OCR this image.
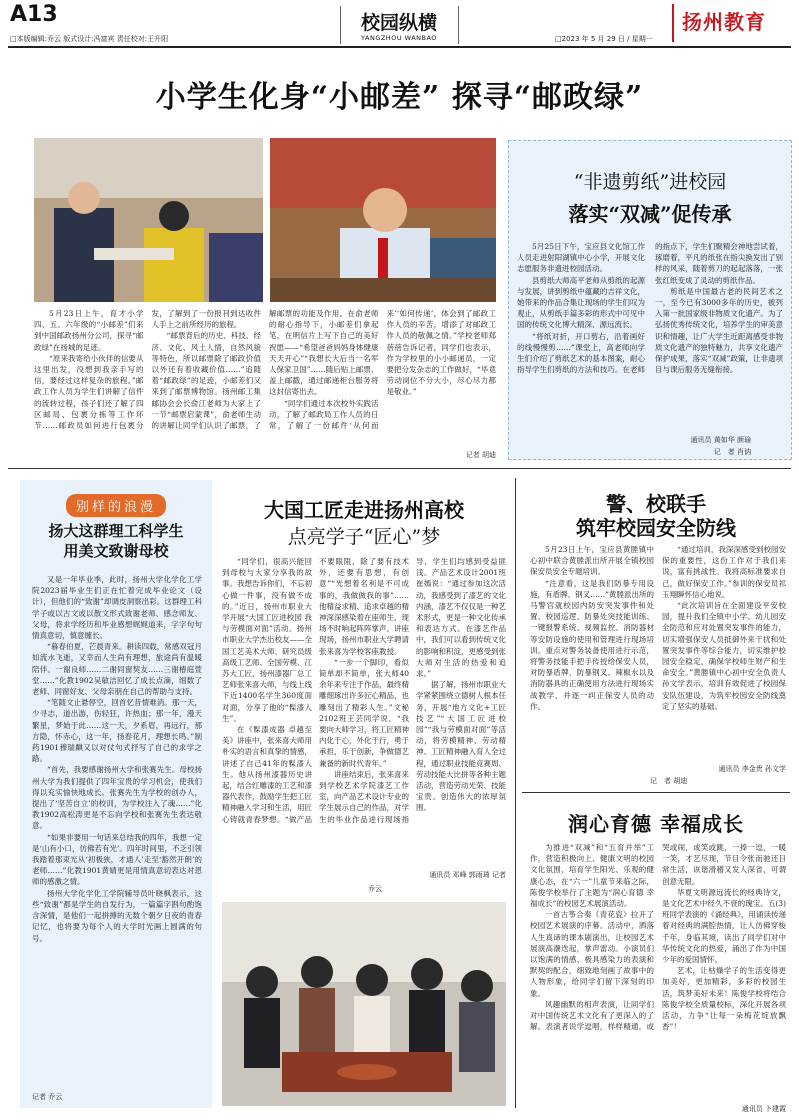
A13
□本版编辑:乔云 版式设计:冯富宾 责任校对:王升阳
校园纵横
YANGZHOU WANBAO	□2023 年 5 月 29 日 / 星期一
扬州教育
小学生化身“小邮差” 探寻“邮政绿”

5月23日上午，育才小学四、五、六年级的“小邮差”们来到中国邮政扬州分公司，探寻“邮政绿”在扬城的足迹。

“原来我寄给小伙伴的信要从这里出发，没想到我亲手写的信，要经过这样复杂的旅程。”邮政工作人员为学生们讲解了信件的流转过程，孩子们还了解了四区邮局、包裹分拣等工作环节……邮政员如何进行包裹分发，了解到了一份报刊到达收件人手上之前所经历的旅程。

“邮票背后的历史、科技、经济、文化、风土人情，自然风貌等特色，所以邮票除了邮政价值以外还有着收藏价值……”追随着“邮政绿”的足迹，小邮差们又来到了邮票博物馆。扬州邮工集邮协会会长俞江老师为大家上了一节“邮票启蒙课”，俞老师生动的讲解让同学们认识了邮票，了解邮票的功能及作用。在俞老师的耐心指导下，小邮差们拿起笔，在明信片上写下自己的美好祝愿——“希望爸爸妈妈身体健康天天开心”“我想长大后当一名军人保家卫国”……随后贴上邮票、盖上邮戳，通过邮递柜台服务将这封信寄出去。

“同学们通过本次校外实践活动，了解了邮政局工作人员的日常，了解了一份邮件‘从何而来’‘如何传递’，体会到了邮政工作人员的辛苦，增添了对邮政工作人员的敬佩之情。”学校老师郑蓓蓓告诉记者，同学们也表示，作为学校里的小小邮递员，一定要把分发杂志的工作做好，“毕竟劳动岗位不分大小，尽心尽力都是敬业。”

记者 胡迪
“非遗剪纸”进校园
落实“双减”促传承

5月25日下午，宝应县文化馆工作人员走进射阳湖镇中心小学，开展文化志愿服务非遗进校园活动。

县剪纸大师高平老师从剪纸的起源与发展，讲到剪纸中蕴藏的吉祥文化，她带来的作品合集让现场的学生们叹为观止，从剪纸手篇多彩的形式中可见中国的传统文化博大精深、源远流长。

“将纸对折，开口剪右，沿着画好的线慢慢剪……”课堂上，高老师向学生们介绍了剪纸艺术的基本图案，耐心指导学生们剪纸的方法和技巧。在老师的指点下，学生们聚精会神地尝试着，琢磨着，平凡的纸张在指尖换发出了别样的风采，随着剪刀的起起落落，一张张红纸变成了灵动的剪纸作品。

剪纸是中国最古老的民间艺术之一，至今已有3000多年的历史，被列入第一批国家级非物质文化遗产。为了弘扬优秀传统文化，培养学生的审美意识和情趣，让广大学生近距离感受非物质文化遗产的独特魅力，共享文化遗产保护成果，落实“双减”政策，让非遗项目与课后服务无缝衔接。

通讯员 黄如华 颜瑜
记　者 肖讷
别样的浪漫
扬大这群理工科学生
用美文致谢母校

又是一年毕业季，此时，扬州大学化学化工学院2023届毕业生们正在忙着完成毕业论文（设计），但他们的“致谢”却调皮洞察出彩。这群理工科学子或以古文或以散文形式致谢老师、感念师友、父母，将求学经历和毕业感想娓娓道来，字字句句情真意切，慎意缠长。

“暮春伯夏，芒晨青来。耕读四载，常感双冠月如流水飞逝，又幸而人生尚有理想，旅途尚有温暖陪伴。一谢良师……二谢同窗契友……三谢椿庭萱堂……”化教1902吴敏洁回忆了成长点滴，细数了老师、同窗好友、父母亲朋在自己的帮助与支持。

“笔随文止悬停空，回首忆昔情难消。那一天，少寻志，道出游，伤轻狂，许热血；那一年，漫天繁星，梦始于此……这一天，夕系眉，再远行，那方隐，怀赤心，这一年，扬春花月，理想长鸣。”制药1901穆瑞麒又以对仗句式抒写了自己的求学之路。

“首先，我要感谢扬州大学和张赛先生。母校扬州大学为我们提供了四年宝贵的学习机会，使我们得以充实愉快地成长。张赛先生为学校的创办人，提出了‘坚苦自立’的校训，为学校注入了魂……”化教1902高松涛更是不忘向学校和张赛先生表达敬意。

“如果非要用一句话来总结我的四年，我想一定是‘山有小口，仿佛若有光’。四年时间里，不乏引领我踏着那束光从‘初极狭，才通人’走至‘豁然开朗’的老师……”化教1901黄婧更是用情真意切表达对恩师的感激之情。

扬州大学化学化工学院辅导员叶晓枫表示，这些“致谢”都是学生的自发行为，一篇篇字斟句酌饱含深情，是他们一起拼搏的无数个朝夕日夜的青春记忆，也将要为每个人的大学时光画上圆满的句号。

记者 乔云
大国工匠走进扬州高校
点亮学子“匠心”梦

“同学们，很高兴能回到母校与大家分享我的故事。我想告诉你们，不忘初心做一件事，没有做不成的。”近日，扬州市职业大学开展“大国工匠进校园 我与劳模面对面”活动。扬州市职业大学杰出校友——全国工艺美术大师、研究员级高级工艺师、全国劳模、江苏大工匠、扬州漆器厂总工艺师张来喜大师，与线上线下近1400名学生360度面对面，分享了他的“髹漆人生”。

在《髹漆成器 卓越至美》讲座中，张来喜大师用朴实的语言和真挚的情感，讲述了自己41年的髹漆人生。他从扬州漆器历史讲起，结合红雕漆的工艺和漆器代表作，鼓励学生把工匠精神融入学习和生活，用匠心铸就青春梦想。“做产品不要眼限，除了要有技术外，还要有思想，有创意”“光想着名利是不可成事的，我做做我的事”……他精益求精、追求卓越的精神深深感染着在座师生，现场不时响起阵阵掌声。讲座现场，扬州市职业大学聘请张来喜为学校客座教授。

“一步一个脚印，看似简单却不简单，张大师40余年来专注于作品，最终精雕细琢出许多匠心精品，也雕刻出了精彩人生。”文秘2102班王芸同学说，“我要向大师学习，将工匠精神内化于心，外化于行，勇于承担，乐于创新，争做德艺兼备的新时代青年。”

讲座结束后，张来喜来到学校艺术学院漆艺工作室，向产品艺术设计专业的学生展示自己的作品，对学生的毕业作品进行现场指导，学生们均感到受益匪浅。产品艺术设计2001班崔嫣说：“通过参加这次活动，我感受到了漆艺的文化内涵，漆艺不仅仅是一种艺术形式，更是一种文化传承和表达方式。在漆艺作品中，我们可以看到传统文化的影响和积淀，更感受到张大师对生活的热爱和追求。”

据了解，扬州市职业大学紧紧围绕立德树人根本任务，开展“地方文化+工匠技艺”“大国工匠进校园”“我与劳模面对面”等活动，将劳模精神、劳动精神、工匠精神融入育人全过程，通过职业技能竞赛周、劳动技能大比拼等各种主题活动，营造劳动光荣、技能宝贵、创造伟大的浓厚氛围。

通讯员 邓峰 郭雨琦 记者
乔云
警、校联手
筑牢校园安全防线

5月23日上午，宝应县黄塍镇中心初中联合黄塍派出所开展全镇校园保安员安全专题培训。

“注意看，这是我们防暴专用设施，有盾牌、钢叉……”黄塍派出所的马警官就校园内防安突发事件和处置、校园巡逻、防暴处突技能训练、一键报警系统、视频监控、消防器材等安防设施的使用和管理进行现场培训。重点对警务装备使用进行示范，将警务技能手把手传授给保安人员，对防暴盾牌、防暴钢叉、辣椒水以及消防器具的正确使用方法进行现场实战教学，并逐一纠正保安人员的动作。

“通过培训，我深深感受到校园安保的重要性，这份工作对于我们来说，富有挑战性。我将高标准要求自己，做好保安工作。”参训的保安员祁玉翔瞬怀信心地说。

“此次培训旨在全面建设平安校园，提升我们全镇中小学、幼儿园安全防范和应对处置突发事件的能力，切实增强保安人员抵御外来干扰和处置突发事件等综合能力，切实维护校园安全稳定，确保学校师生财产和生命安全。”黄塍镇中心初中安全负责人孙文学表示，培训有效促进了校园保安队伍建设，为筑牢校园安全防线奠定了坚实的基础。

通讯员 李金贵 孙文学
记　者 胡迪
润心育德 幸福成长

为推进“双减”和“五育并举”工作，营造积极向上、健康文明的校园文化氛围，培育学生阳光、乐观的健康心态，在“六一”儿童节来临之际，陈俊学校举行了主题为“润心育德 幸福成长”的校园艺术展演活动。

一首古筝合奏《青花瓷》拉开了校园艺术展演的序幕。活动中，洒落人生真谛的课本剧演出，让校园艺术展演高潮迭起，掌声雷动。小演员们以饱满的情感、极具感染力的表演和默契的配合，细致地刻画了故事中的人物形象，给同学们留下深刻的印象。

风趣幽默的相声表演，让同学们对中国传统艺术文化有了更深入的了解。表演者说学逗唱，样样精通，或哭或闹，或笑或跳，一捧一逗，一暖一笑，才艺尽现，节目令张而驰还日常生活，诙谐滑稽又发人深省，可谓创意无限。

华夏文明源远流长的经典诗文，是文化艺术中经久不衰的瑰宝。五(3)班同学表演的《诵经典》，用诵读传递着对经典的满腔热情，让人仿佛穿梭千年，身临其境，读出了同学们对中华传统文化的热爱，涌出了作为中国少年的爱国情怀。

艺术，让枯燥学子的生活变得更加美好，更加精彩，多彩的校园生活，筑梦美好未来！陈俊学校将结合陈俊学校全质量校标，深化开展各项活动，力争“让每一朵梅花绽放飘香”！

通讯员 卜建霞
